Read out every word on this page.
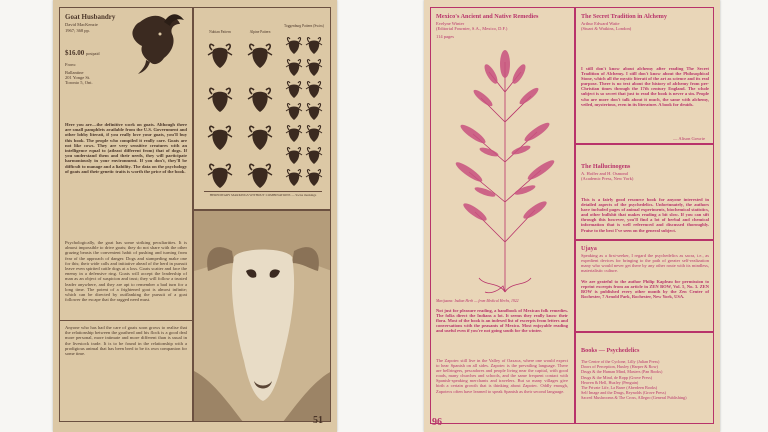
Goat Husbandry
David MacKenzie
1967; 368 pp.
$16.00 postpaid
From:
Ballantine
201 Yonge St.
Toronto 5, Ont.
Here you are—the definitive work on goats. Although there are small pamphlets available from the U.S. Government and other lobby literati, if you really love your goats, you'll buy this book. The people who compiled it really care. Goats are not like cows. They are very sensitive creatures with an intelligence equal to (atleast different from) that of dogs. If you understand them and their needs, they will participate harmoniously in your environment. If you don't, they'll be difficult to manage and a liability. The data on the psychology of goats and their genetic traits is worth the price of the book.
Psychologically, the goat has some striking peculiarities. It is almost impossible to drive goats; they do not share with the other grazing beasts the convenient habit of pushing and turning from fear of the approach of danger. Dogs and stampeding make one for this; their wide calls and initiative ahead of the herd in pursuit leave even spirited cattle dogs at a loss. Goats scatter and face the enemy in a defensive ring. Goats will accept the leadership of man as an object of suspicion and trust; they will follow a trusted leader anywhere, and they are apt to remember a bad turn for a long time. The potent of a frightened goat is almost infinite; which can be directed by outflanking the pursuit of a goat follower the escape that the ragged need must.
Nubian Pattern	Alpine Pattern
Toggenburg Pattern (Swiss)
HEREDITARY MARKINGS WITHOUT COMBINATIONS — Swiss markings
Anyone who has had the care of goats soon grows to realise that the relationship between the goatherd and his flock is a good deal more personal, more intimate and more different than is usual in the livestock trade. It is to be found in the relationship with a prodigious animal that has been bred to be its own companion for some time.
51
Mexico's Ancient and Native Remedies
Evelyne Winter
(Editorial Fournier, S.A., Mexico, D.F.)
114 pages
Marijuana: Indian Herb — from Medical Herbs, 1922
Not just for pleasure reading, a handbook of Mexican folk remedies. The folks direct the Indians a lot. It seems they really know their flora. Most of the book is an indexed list of excerpts from letters and conversations with the peasants of Mexico. Most enjoyable reading and useful even if you're not going south for the winter.
The Zapotec still live in the Valley of Oaxaca, where one would expect to hear Spanish on all sides. Zapotec is the prevailing language. There are bellringers, pescadores and people living near the capital, with good roads, many churches and schools, and the same frequent contact with Spanish-speaking merchants and travelers. But so many villages give birth a certain growth that is thinking about Zapotec. Oddly enough, Zapotecs often have learned to speak Spanish as their second language.
The Secret Tradition in Alchemy
Arthur Edward Waite
(Stuart & Watkins, London)
I still don't know about alchemy after reading The Secret Tradition of Alchemy. I still don't know about the Philosophical Stone, which all the mystic literati of the art as science and its real purpose. There is no text about the history of alchemy from pre-Christian times through the 17th century England. The whole subject is so secret that just to read the book is never a sin. People who are more don't talk about it much, the same with alchemy, veiled, mysterious, even in its literature. A book for druids.
— Alison Gowrie
The Hallucinogens
A. Hoffer and H. Osmond
(Academic Press, New York)
This is a fairly good resource book for anyone interested in detailed aspects of the psychedelics. Unfortunately, the authors have included pages of animal experiments, biochemical statistics, and other bullshit that makes reading a bit slow. If you can sift through this however, you'll find a lot of herbal and chemical information that is well referenced and discussed thoroughly. Praise to the best I've seen on the general subject.
Ujaya
Speaking as a first-seeker, I regard the psychedelics as sacra, i.e., as expedient devices for bringing to the path of greater self-realization many who would never get there by any other route with its mindless, materialistic culture.
We are grateful to the author Philip Kapleau for permission to reprint excerpts from an article in ZEN BOW, Vol. 5, No. 3. ZEN BOW is published every other month by the Zen Center of Rochester, 7 Arnold Park, Rochester, New York, USA.
Books — Psychedelics
The Centre of the Cyclone, Lilly (Julian Press)
Doors of Perception, Huxley (Harper & Row)
Drugs & the Human Mind, Masters (Pan Books)
Drugs & the Mind, de Ropp (Grove Press)
Heaven & Hell, Huxley (Penguin)
The Private Life, La Barre (Aberdeen Books)
Self Image and the Drugs, Reynolds (Grove Press)
Sacred Mushrooms & The Cross, Allegro (General Publishing)
96
